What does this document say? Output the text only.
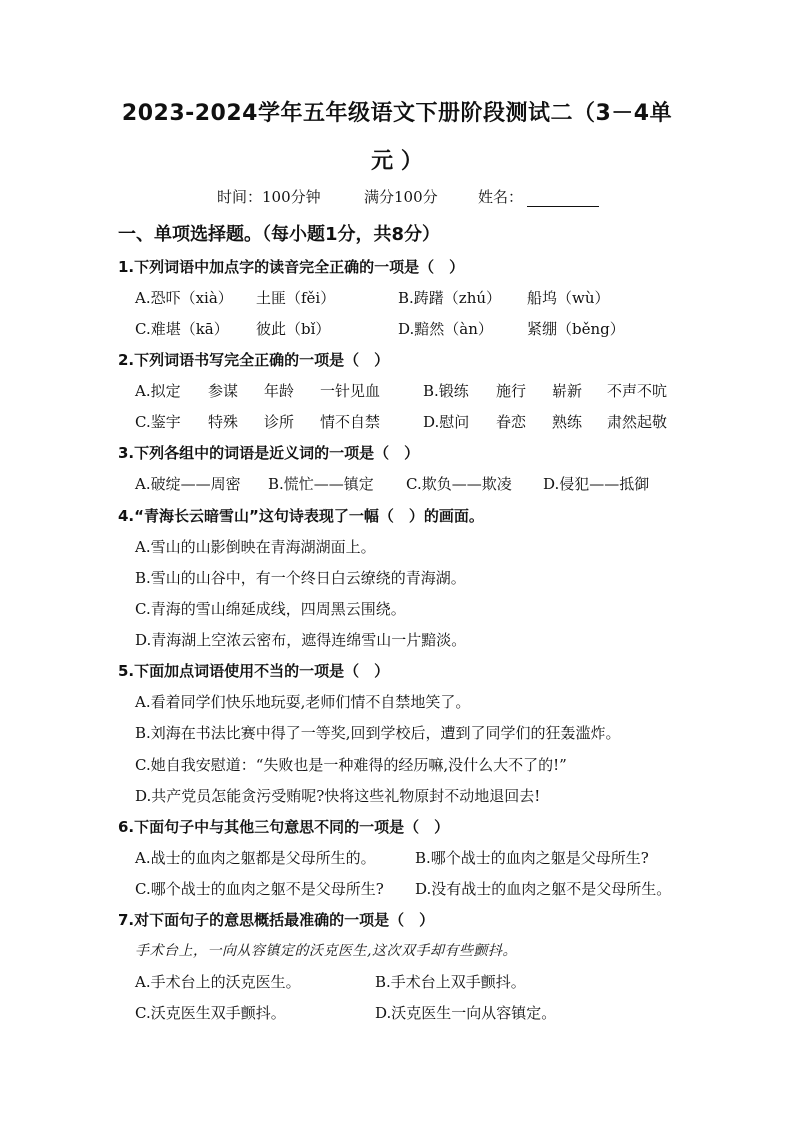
2023-2024学年五年级语文下册阶段测试二（3－4单
元 ）
时间：100分钟	满分100分	姓名：
一、单项选择题。（每小题1分，共8分）
1.下列词语中加点字的读音完全正确的一项是（　）
A.恐吓（xià） 土匪（fěi）	B.踌躇（zhú） 船坞（wù）
C.难堪（kā） 彼此（bǐ）	D.黯然（àn） 紧绷（běng）
2.下列词语书写完全正确的一项是（　）
A.拟定 参谋 年龄 一针见血	B.锻练 施行 崭新 不声不吭
C.鉴宇 特殊 诊所 情不自禁	D.慰问 眷恋 熟练 肃然起敬
3.下列各组中的词语是近义词的一项是（　）
A.破绽——周密 B.慌忙——镇定 C.欺负——欺凌 D.侵犯——抵御
4.“青海长云暗雪山”这句诗表现了一幅（　）的画面。
A.雪山的山影倒映在青海湖湖面上。
B.雪山的山谷中，有一个终日白云缭绕的青海湖。
C.青海的雪山绵延成线，四周黑云围绕。
D.青海湖上空浓云密布，遮得连绵雪山一片黯淡。
5.下面加点词语使用不当的一项是（　）
A.看着同学们快乐地玩耍,老师们情不自禁地笑了。
B.刘海在书法比赛中得了一等奖,回到学校后，遭到了同学们的狂轰滥炸。
C.她自我安慰道：“失败也是一种难得的经历嘛,没什么大不了的!”
D.共产党员怎能贪污受贿呢?快将这些礼物原封不动地退回去!
6.下面句子中与其他三句意思不同的一项是（　）
A.战士的血肉之躯都是父母所生的。	B.哪个战士的血肉之躯是父母所生?
C.哪个战士的血肉之躯不是父母所生? D.没有战士的血肉之躯不是父母所生。
7.对下面句子的意思概括最准确的一项是（　）
手术台上，一向从容镇定的沃克医生,这次双手却有些颤抖。
A.手术台上的沃克医生。	B.手术台上双手颤抖。
C.沃克医生双手颤抖。	D.沃克医生一向从容镇定。
